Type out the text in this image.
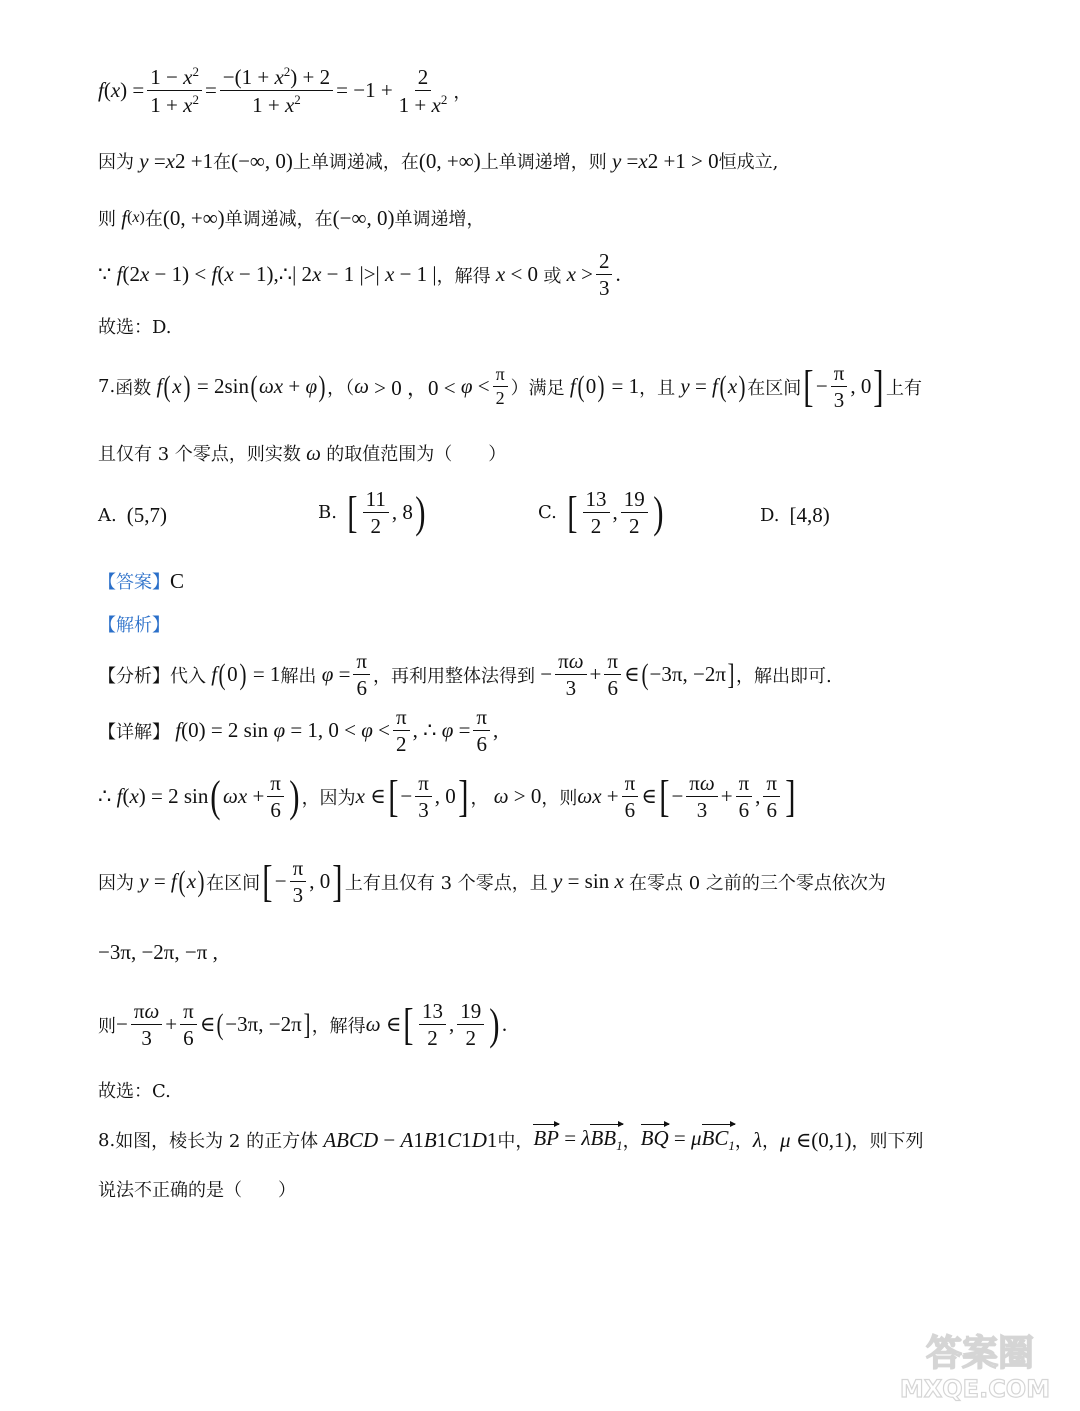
f ( x ) = $\frac{1 - x^2}{1 + x^2} = \frac{-(1 + x^2) + 2}{1 + x^2} = -1 + \frac{2}{1 + x^2}$ ，
因为 y = x 2 +1 在 (−∞, 0) 上单调递减，在 (0, +∞) 上单调递增，则 y = x 2 +1 > 0 恒成立,
则 f (x) 在 (0, +∞) 单调递减，在 (−∞, 0) 单调递增，
∵ f(2x − 1) < f(x − 1),∴| 2x − 1 |>| x − 1 | ，解得 x < 0 或 $x > \frac{2}{3}$ .
故选：D.
7. 函数 f ( x ) = 2sin ( ωx + φ ) ，（ ω > 0 ，$0 < \varphi < \frac{\pi}{2}$ ）满足 f ( 0 ) = 1 ，且 y = f ( x ) 在区间 [ − $\frac{\pi}{3}$ , 0 ] 上有
且仅有 3 个零点，则实数 ω 的取值范围为（　　）
A. (5,7)	B. [ $\frac{11}{2}$ , 8 )	C. [ $\frac{13}{2}$ , $\frac{19}{2}$ )	D. [4,8)
【答案】 C
【解析】
【分析】 代入 f ( 0 ) = 1 解出 $\varphi = \frac{\pi}{6}$ ，再利用整体法得到 − $\frac{\pi\omega}{3} + \frac{\pi}{6}$ ∈ ( −3π, −2π ] ，解出即可.
【详解】 f(0) = 2 sin φ = 1, $0 < \varphi < \frac{\pi}{2}$ , ∴ $\varphi = \frac{\pi}{6}$ ,
∴ f(x) = 2 sin ( $\omega x + \frac{\pi}{6}$ ) ，因为 x ∈ [ − $\frac{\pi}{3}$ , 0 ] ， ω > 0 ，则 $\omega x + \frac{\pi}{6}$ ∈ [ − $\frac{\pi\omega}{3} + \frac{\pi}{6}$ , $\frac{\pi}{6}$ ]
因为 y = f ( x ) 在区间 [ − $\frac{\pi}{3}$ , 0 ] 上有且仅有 3 个零点，且 y = sin x 在零点 0 之前的三个零点依次为
−3π, −2π, −π ,
则 − $\frac{\pi\omega}{3} + \frac{\pi}{6}$ ∈ ( −3π, −2π ] ，解得 ω ∈ [ $\frac{13}{2}$ , $\frac{19}{2}$ ) .
故选：C.
8. 如图，棱长为 2 的正方体 ABCD − A 1 B 1 C 1 D 1 中， BP = λBB$_1$ ， BQ = μBC$_1$ ， λ ， μ ∈(0,1) ，则下列
说法不正确的是（　　）
答案圈
MXQE.COM
